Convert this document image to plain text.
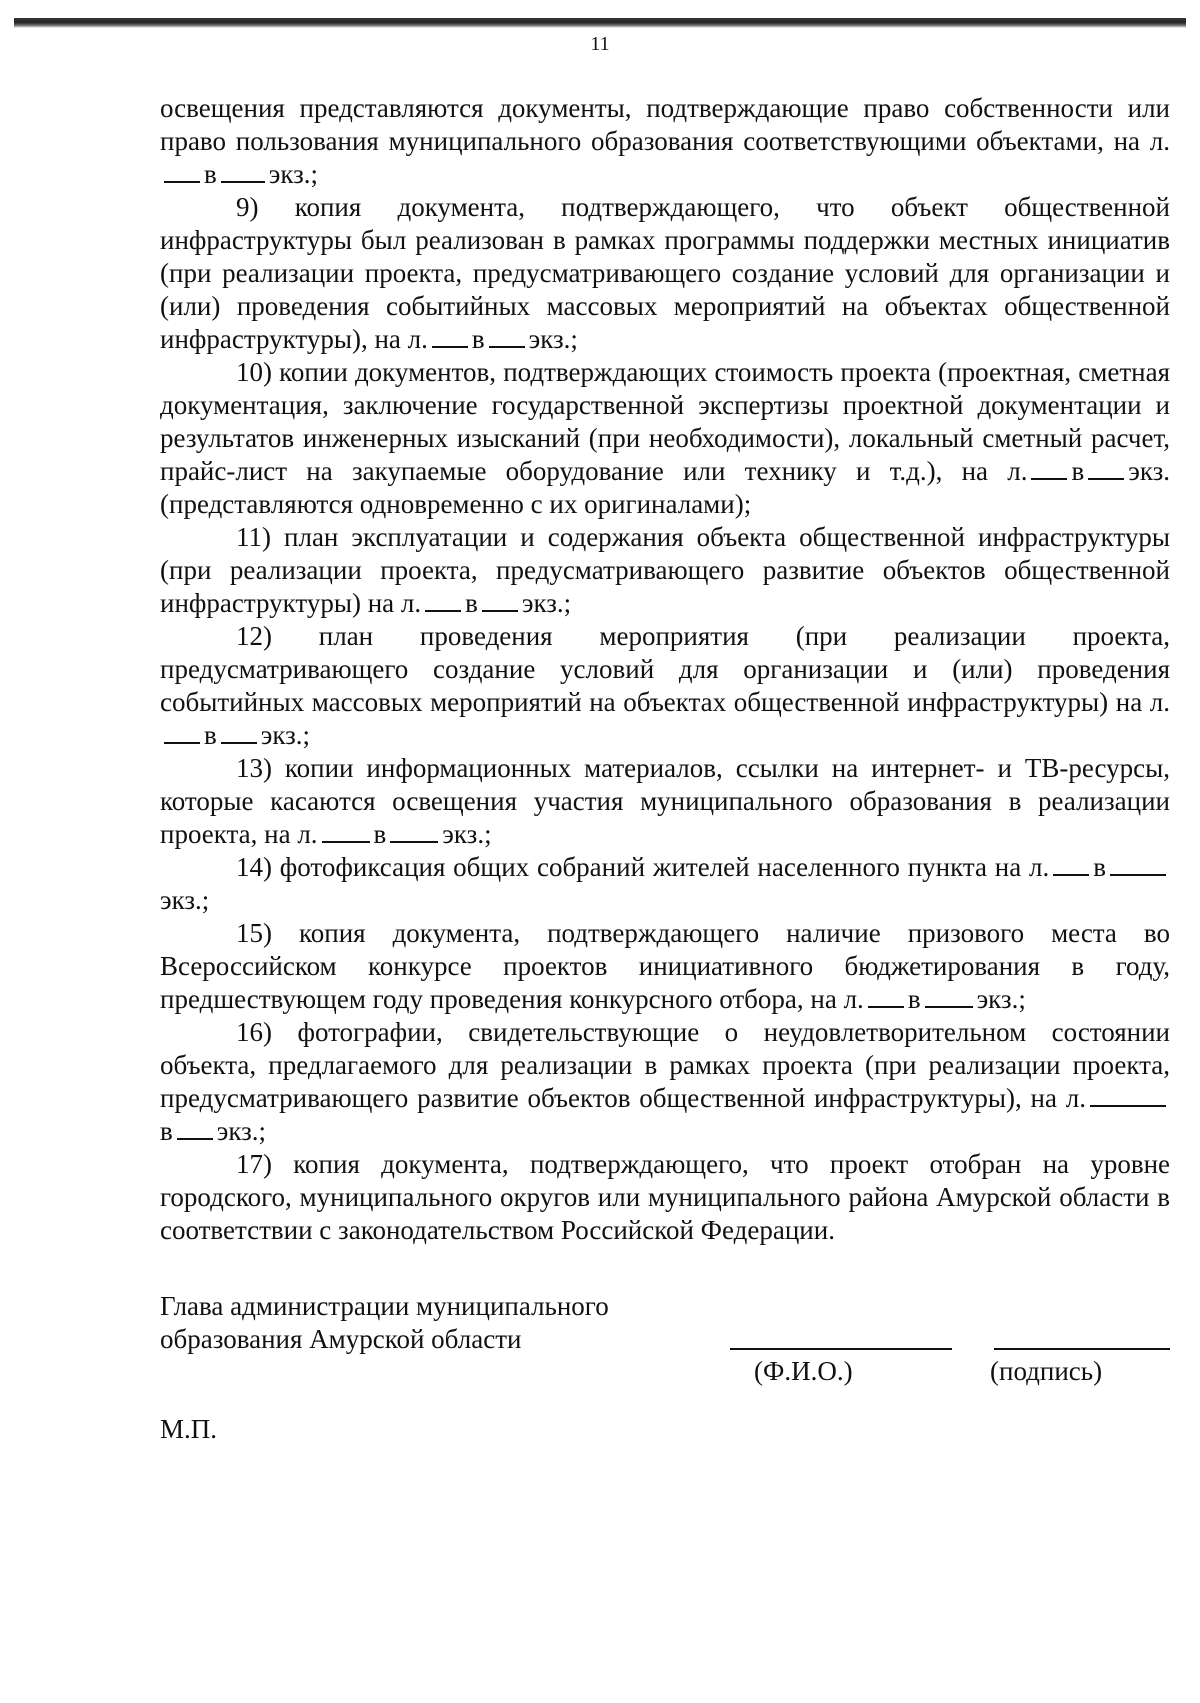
11

освещения представляются документы, подтверждающие право собственности или право пользования муниципального образования соответствующими объектами, на л.в экз.;

9) копия документа, подтверждающего, что объект общественной инфраструктуры был реализован в рамках программы поддержки местных инициатив (при реализации проекта, предусматривающего создание условий для организации и (или) проведения событийных массовых мероприятий на объектах общественной инфраструктуры), на л. в экз.;

10) копии документов, подтверждающих стоимость проекта (проектная, сметная документация, заключение государственной экспертизы проектной документации и результатов инженерных изысканий (при необходимости), локальный сметный расчет, прайс-лист на закупаемые оборудование или технику и т.д.), на л. в экз. (представляются одновременно с их оригиналами);

11) план эксплуатации и содержания объекта общественной инфраструктуры (при реализации проекта, предусматривающего развитие объектов общественной инфраструктуры) на л. в экз.;

12) план проведения мероприятия (при реализации проекта, предусматривающего создание условий для организации и (или) проведения событийных массовых мероприятий на объектах общественной инфраструктуры) на л.в экз.;

13) копии информационных материалов, ссылки на интернет- и ТВ-ресурсы, которые касаются освещения участия муниципального образования в реализации проекта, на л. в экз.;

14) фотофиксация общих собраний жителей населенного пункта на л. вэкз.;

15) копия документа, подтверждающего наличие призового места во Всероссийском конкурсе проектов инициативного бюджетирования в году, предшествующем году проведения конкурсного отбора, на л. в экз.;

16) фотографии, свидетельствующие о неудовлетворительном состоянии объекта, предлагаемого для реализации в рамках проекта (при реализации проекта, предусматривающего развитие объектов общественной инфраструктуры), на л.в экз.;

17) копия документа, подтверждающего, что проект отобран на уровне городского, муниципального округов или муниципального района Амурской области в соответствии с законодательством Российской Федерации.

Глава администрации муниципального
образования Амурской области
(Ф.И.О.)	(подпись)
М.П.
